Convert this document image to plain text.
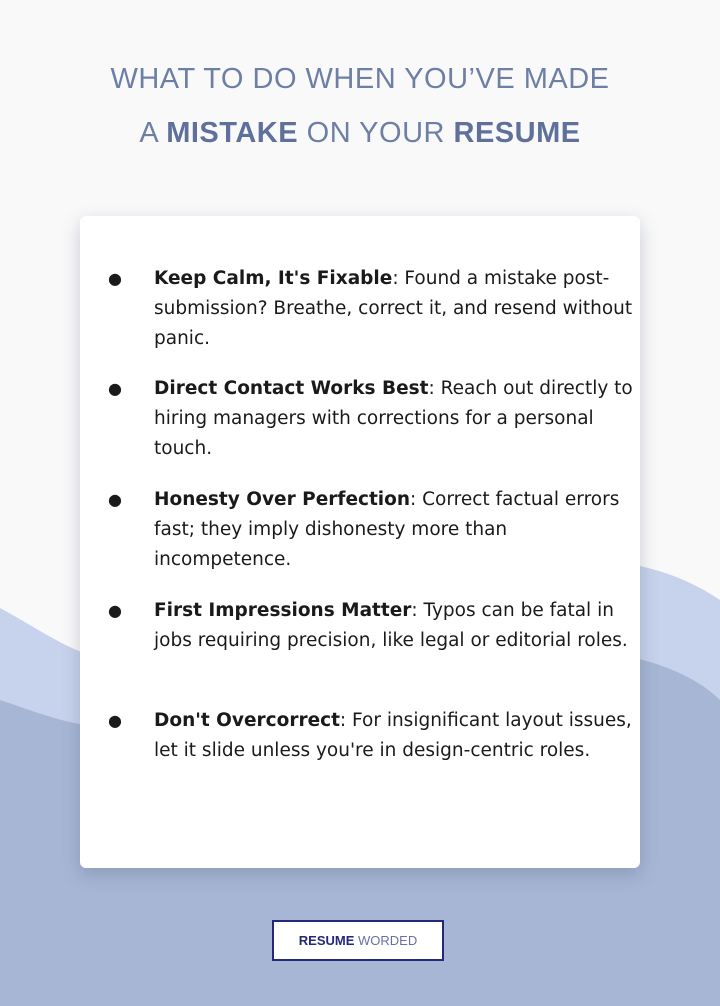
WHAT TO DO WHEN YOU’VE MADE
A MISTAKE ON YOUR RESUME
● Keep Calm, It's Fixable: Found a mistake post-submission? Breathe, correct it, and resend without panic.
● Direct Contact Works Best: Reach out directly to hiring managers with corrections for a personal touch.
● Honesty Over Perfection: Correct factual errors fast; they imply dishonesty more than incompetence.
● First Impressions Matter: Typos can be fatal in jobs requiring precision, like legal or editorial roles.
● Don't Overcorrect: For insignificant layout issues, let it slide unless you're in design-centric roles.
RESUME WORDED
